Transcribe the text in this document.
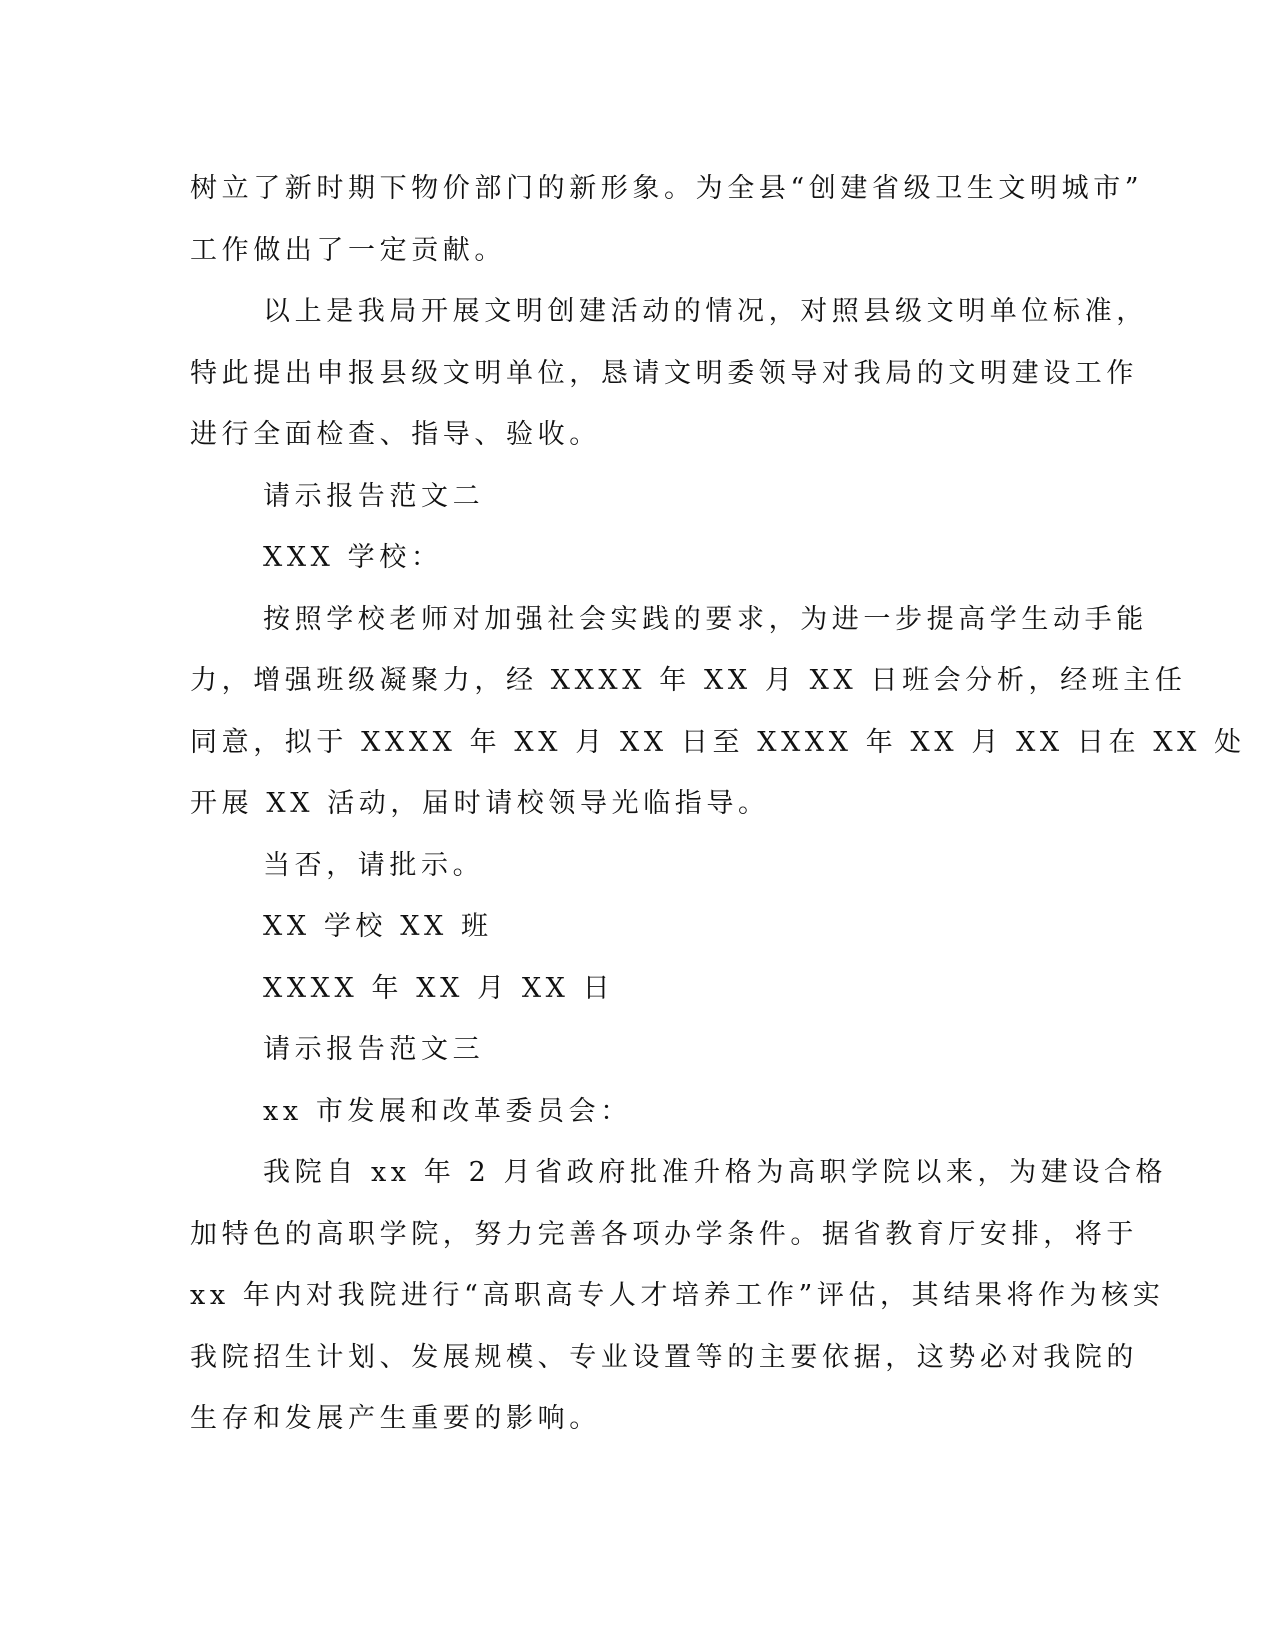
树立了新时期下物价部门的新形象。为全县“创建省级卫生文明城市”
工作做出了一定贡献。
以上是我局开展文明创建活动的情况，对照县级文明单位标准，
特此提出申报县级文明单位，恳请文明委领导对我局的文明建设工作
进行全面检查、指导、验收。
请示报告范文二
XXX 学校：
按照学校老师对加强社会实践的要求，为进一步提高学生动手能
力，增强班级凝聚力，经 XXXX 年 XX 月 XX 日班会分析，经班主任
同意，拟于 XXXX 年 XX 月 XX 日至 XXXX 年 XX 月 XX 日在 XX 处
开展 XX 活动，届时请校领导光临指导。
当否，请批示。
XX 学校 XX 班
XXXX 年 XX 月 XX 日
请示报告范文三
xx 市发展和改革委员会：
我院自 xx 年 2 月省政府批准升格为高职学院以来，为建设合格
加特色的高职学院，努力完善各项办学条件。据省教育厅安排，将于
xx 年内对我院进行“高职高专人才培养工作”评估，其结果将作为核实
我院招生计划、发展规模、专业设置等的主要依据，这势必对我院的
生存和发展产生重要的影响。
